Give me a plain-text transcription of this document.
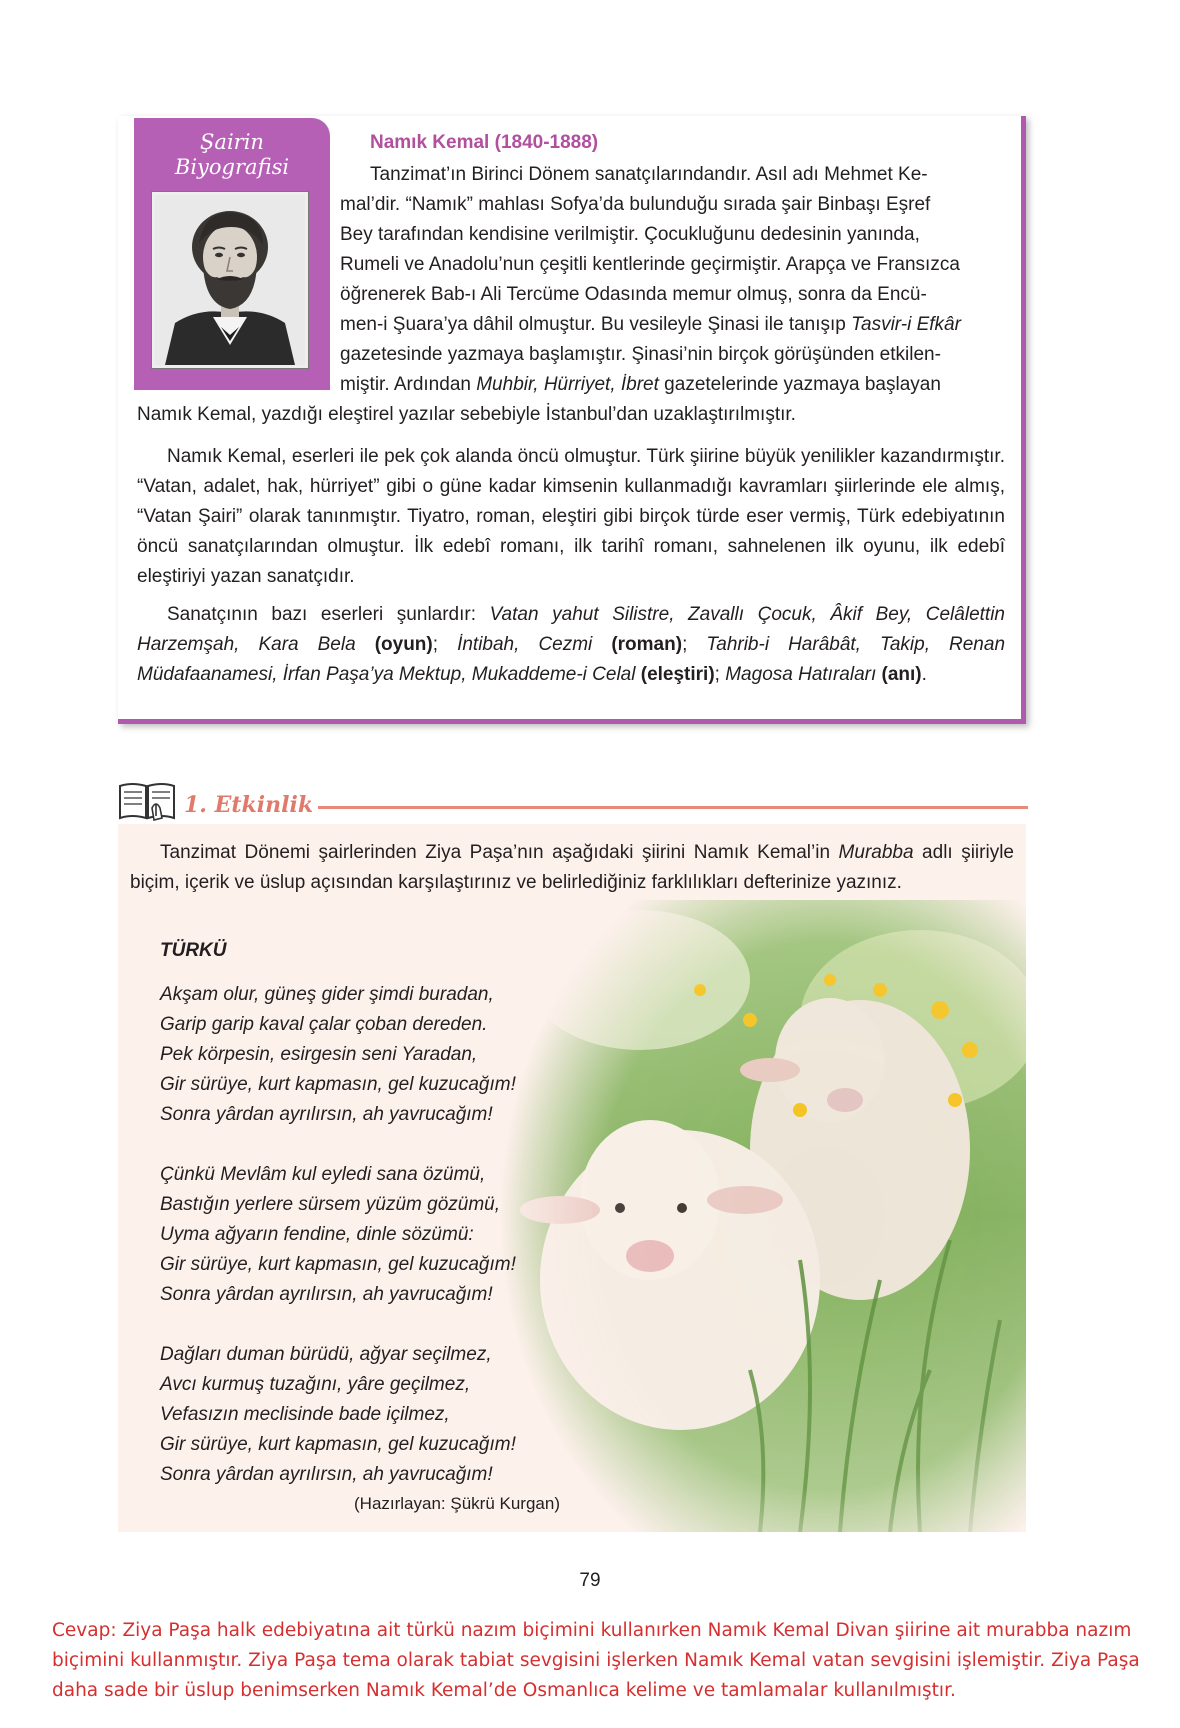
Şairin
Biyografisi
Namık Kemal (1840-1888)
Tanzimat’ın Birinci Dönem sanatçılarındandır. Asıl adı Mehmet Ke-
mal’dir. “Namık” mahlası Sofya’da bulunduğu sırada şair Binbaşı Eşref
Bey tarafından kendisine verilmiştir. Çocukluğunu dedesinin yanında,
Rumeli ve Anadolu’nun çeşitli kentlerinde geçirmiştir. Arapça ve Fransızca
öğrenerek Bab-ı Ali Tercüme Odasında memur olmuş, sonra da Encü-
men-i Şuara’ya dâhil olmuştur. Bu vesileyle Şinasi ile tanışıp Tasvir-i Efkâr
gazetesinde yazmaya başlamıştır. Şinasi’nin birçok görüşünden etkilen-
miştir. Ardından Muhbir, Hürriyet, İbret gazetelerinde yazmaya başlayan
Namık Kemal, yazdığı eleştirel yazılar sebebiyle İstanbul’dan uzaklaştırılmıştır.
Namık Kemal, eserleri ile pek çok alanda öncü olmuştur. Türk şiirine büyük yenilikler kazandırmıştır. “Vatan, adalet, hak, hürriyet” gibi o güne kadar kimsenin kullanmadığı kavramları şiirlerinde ele almış, “Vatan Şairi” olarak tanınmıştır. Tiyatro, roman, eleştiri gibi birçok türde eser vermiş, Türk edebiyatının öncü sanatçılarından olmuştur. İlk edebî romanı, ilk tarihî romanı, sahnelenen ilk oyunu, ilk edebî eleştiriyi yazan sanatçıdır.
Sanatçının bazı eserleri şunlardır: Vatan yahut Silistre, Zavallı Çocuk, Âkif Bey, Celâlettin Harzemşah, Kara Bela (oyun); İntibah, Cezmi (roman); Tahrib-i Harâbât, Takip, Renan Müdafaanamesi, İrfan Paşa’ya Mektup, Mukaddeme-i Celal (eleştiri); Magosa Hatıraları (anı).
1. Etkinlik
Tanzimat Dönemi şairlerinden Ziya Paşa’nın aşağıdaki şiirini Namık Kemal’in Murabba adlı şiiriyle biçim, içerik ve üslup açısından karşılaştırınız ve belirlediğiniz farklılıkları defterinize yazınız.
TÜRKÜ
Akşam olur, güneş gider şimdi buradan,
Garip garip kaval çalar çoban dereden.
Pek körpesin, esirgesin seni Yaradan,
Gir sürüye, kurt kapmasın, gel kuzucağım!
Sonra yârdan ayrılırsın, ah yavrucağım!
Çünkü Mevlâm kul eyledi sana özümü,
Bastığın yerlere sürsem yüzüm gözümü,
Uyma ağyarın fendine, dinle sözümü:
Gir sürüye, kurt kapmasın, gel kuzucağım!
Sonra yârdan ayrılırsın, ah yavrucağım!
Dağları duman bürüdü, ağyar seçilmez,
Avcı kurmuş tuzağını, yâre geçilmez,
Vefasızın meclisinde bade içilmez,
Gir sürüye, kurt kapmasın, gel kuzucağım!
Sonra yârdan ayrılırsın, ah yavrucağım!
(Hazırlayan: Şükrü Kurgan)
79
Cevap: Ziya Paşa halk edebiyatına ait türkü nazım biçimini kullanırken Namık Kemal Divan şiirine ait murabba nazım biçimini kullanmıştır. Ziya Paşa tema olarak tabiat sevgisini işlerken Namık Kemal vatan sevgisini işlemiştir. Ziya Paşa daha sade bir üslup benimserken Namık Kemal’de Osmanlıca kelime ve tamlamalar kullanılmıştır.
